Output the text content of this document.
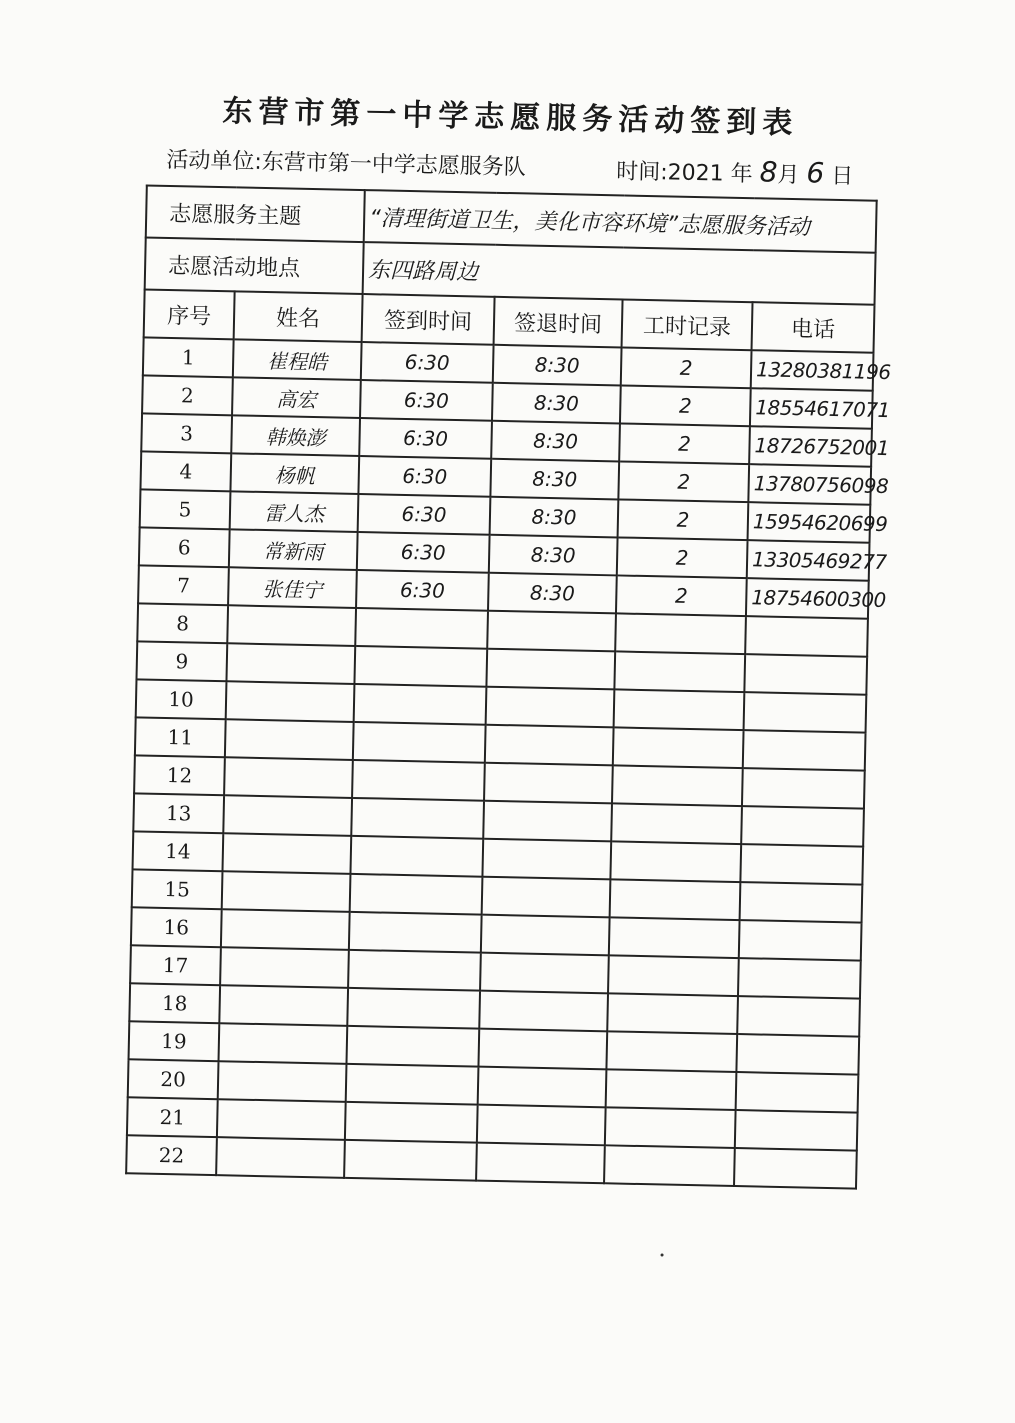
东营市第一中学志愿服务活动签到表
活动单位:东营市第一中学志愿服务队	时间:2021 年 8月 6 日
志愿服务主题		“清理街道卫生，美化市容环境”志愿服务活动			
志愿活动地点		东四路周边			
序号	姓名	签到时间	签退时间	工时记录	电话
1	崔程皓	6:30	8:30	2	13280381196
2	高宏	6:30	8:30	2	18554617071
3	韩焕澎	6:30	8:30	2	18726752001
4	杨帆	6:30	8:30	2	13780756098
5	雷人杰	6:30	8:30	2	15954620699
6	常新雨	6:30	8:30	2	13305469277
7	张佳宁	6:30	8:30	2	18754600300
8					
9					
10					
11					
12					
13					
14					
15					
16					
17					
18					
19					
20					
21					
22					
